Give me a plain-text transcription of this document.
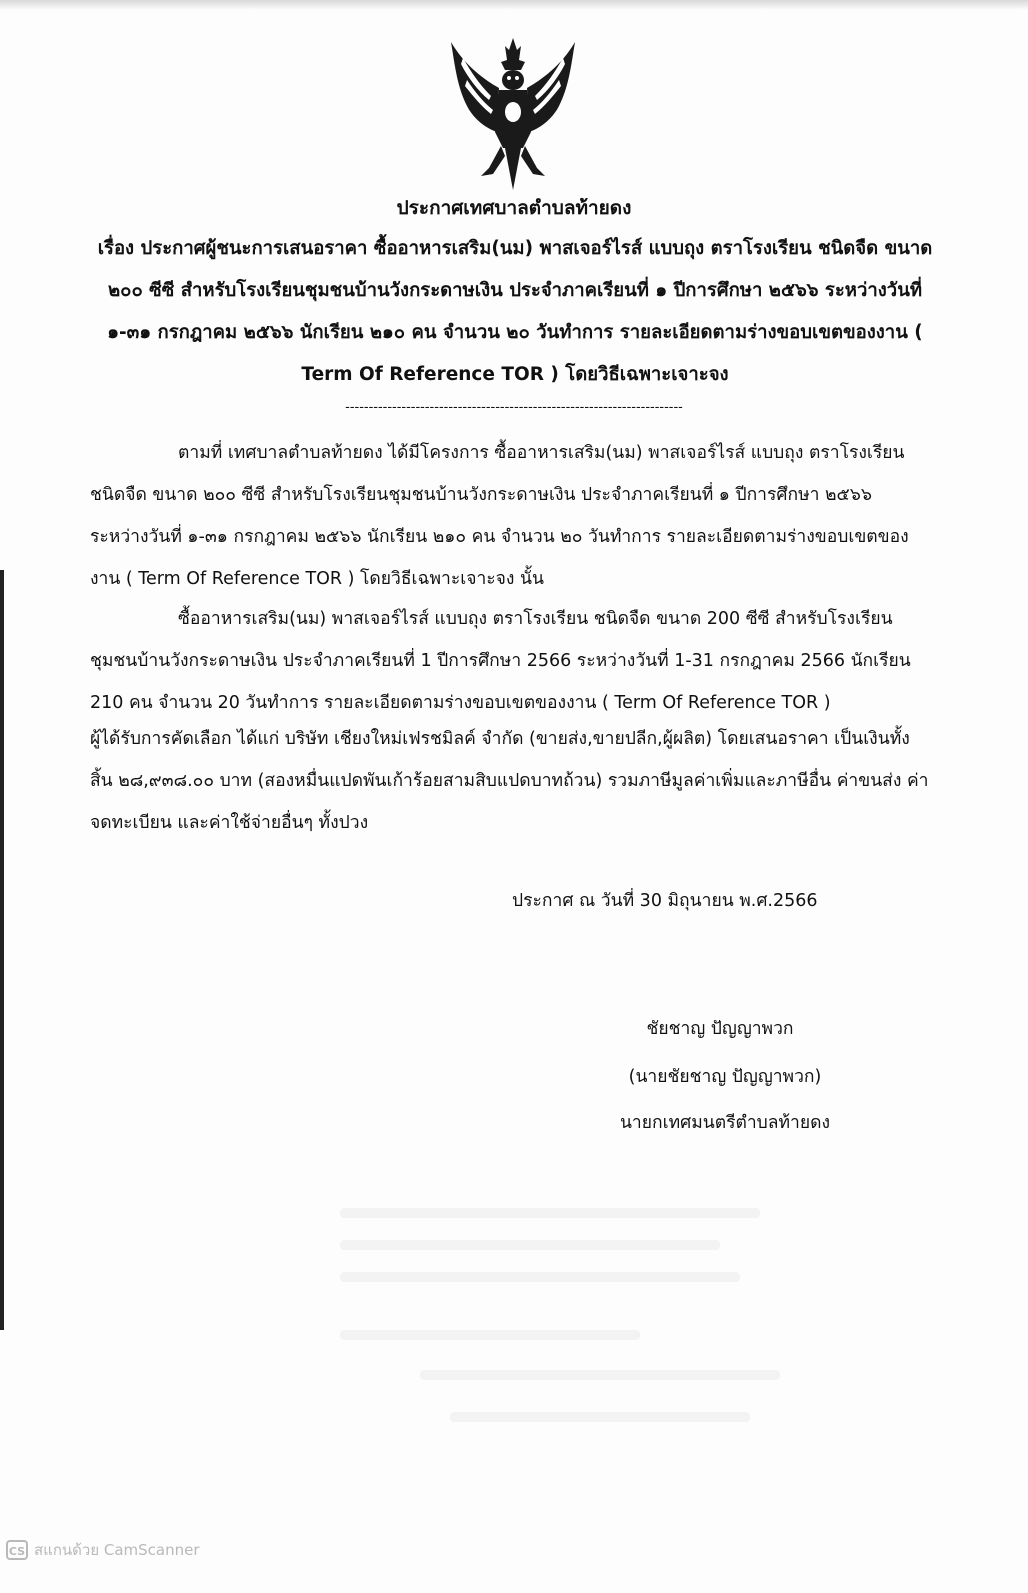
ประกาศเทศบาลตำบลท้ายดง

เรื่อง ประกาศผู้ชนะการเสนอราคา ซื้ออาหารเสริม(นม) พาสเจอร์ไรส์ แบบถุง ตราโรงเรียน ชนิดจืด ขนาด ๒๐๐ ซีซี สำหรับโรงเรียนชุมชนบ้านวังกระดาษเงิน ประจำภาคเรียนที่ ๑ ปีการศึกษา ๒๕๖๖ ระหว่างวันที่ ๑-๓๑ กรกฎาคม ๒๕๖๖ นักเรียน ๒๑๐ คน จำนวน ๒๐ วันทำการ รายละเอียดตามร่างขอบเขตของงาน ( Term Of Reference TOR ) โดยวิธีเฉพาะเจาะจง

------------------------------------------------------------------------

ตามที่ เทศบาลตำบลท้ายดง ได้มีโครงการ ซื้ออาหารเสริม(นม) พาสเจอร์ไรส์ แบบถุง ตราโรงเรียน ชนิดจืด ขนาด ๒๐๐ ซีซี สำหรับโรงเรียนชุมชนบ้านวังกระดาษเงิน ประจำภาคเรียนที่ ๑ ปีการศึกษา ๒๕๖๖ ระหว่างวันที่ ๑-๓๑ กรกฎาคม ๒๕๖๖ นักเรียน ๒๑๐ คน จำนวน ๒๐ วันทำการ รายละเอียดตามร่างขอบเขตของงาน ( Term Of Reference TOR ) โดยวิธีเฉพาะเจาะจง นั้น

ซื้ออาหารเสริม(นม) พาสเจอร์ไรส์ แบบถุง ตราโรงเรียน ชนิดจืด ขนาด 200 ซีซี สำหรับโรงเรียนชุมชนบ้านวังกระดาษเงิน ประจำภาคเรียนที่ 1 ปีการศึกษา 2566 ระหว่างวันที่ 1-31 กรกฎาคม 2566 นักเรียน 210 คน จำนวน 20 วันทำการ รายละเอียดตามร่างขอบเขตของงาน ( Term Of Reference TOR )

ผู้ได้รับการคัดเลือก ได้แก่ บริษัท เชียงใหม่เฟรชมิลค์ จำกัด (ขายส่ง,ขายปลีก,ผู้ผลิต) โดยเสนอราคา เป็นเงินทั้งสิ้น ๒๘,๙๓๘.๐๐ บาท (สองหมื่นแปดพันเก้าร้อยสามสิบแปดบาทถ้วน) รวมภาษีมูลค่าเพิ่มและภาษีอื่น ค่าขนส่ง ค่าจดทะเบียน และค่าใช้จ่ายอื่นๆ ทั้งปวง

ประกาศ ณ วันที่ 30 มิถุนายน พ.ศ.2566
ชัยชาญ ปัญญาพวก
(นายชัยชาญ ปัญญาพวก)
นายกเทศมนตรีตำบลท้ายดง
CS สแกนด้วย CamScanner
